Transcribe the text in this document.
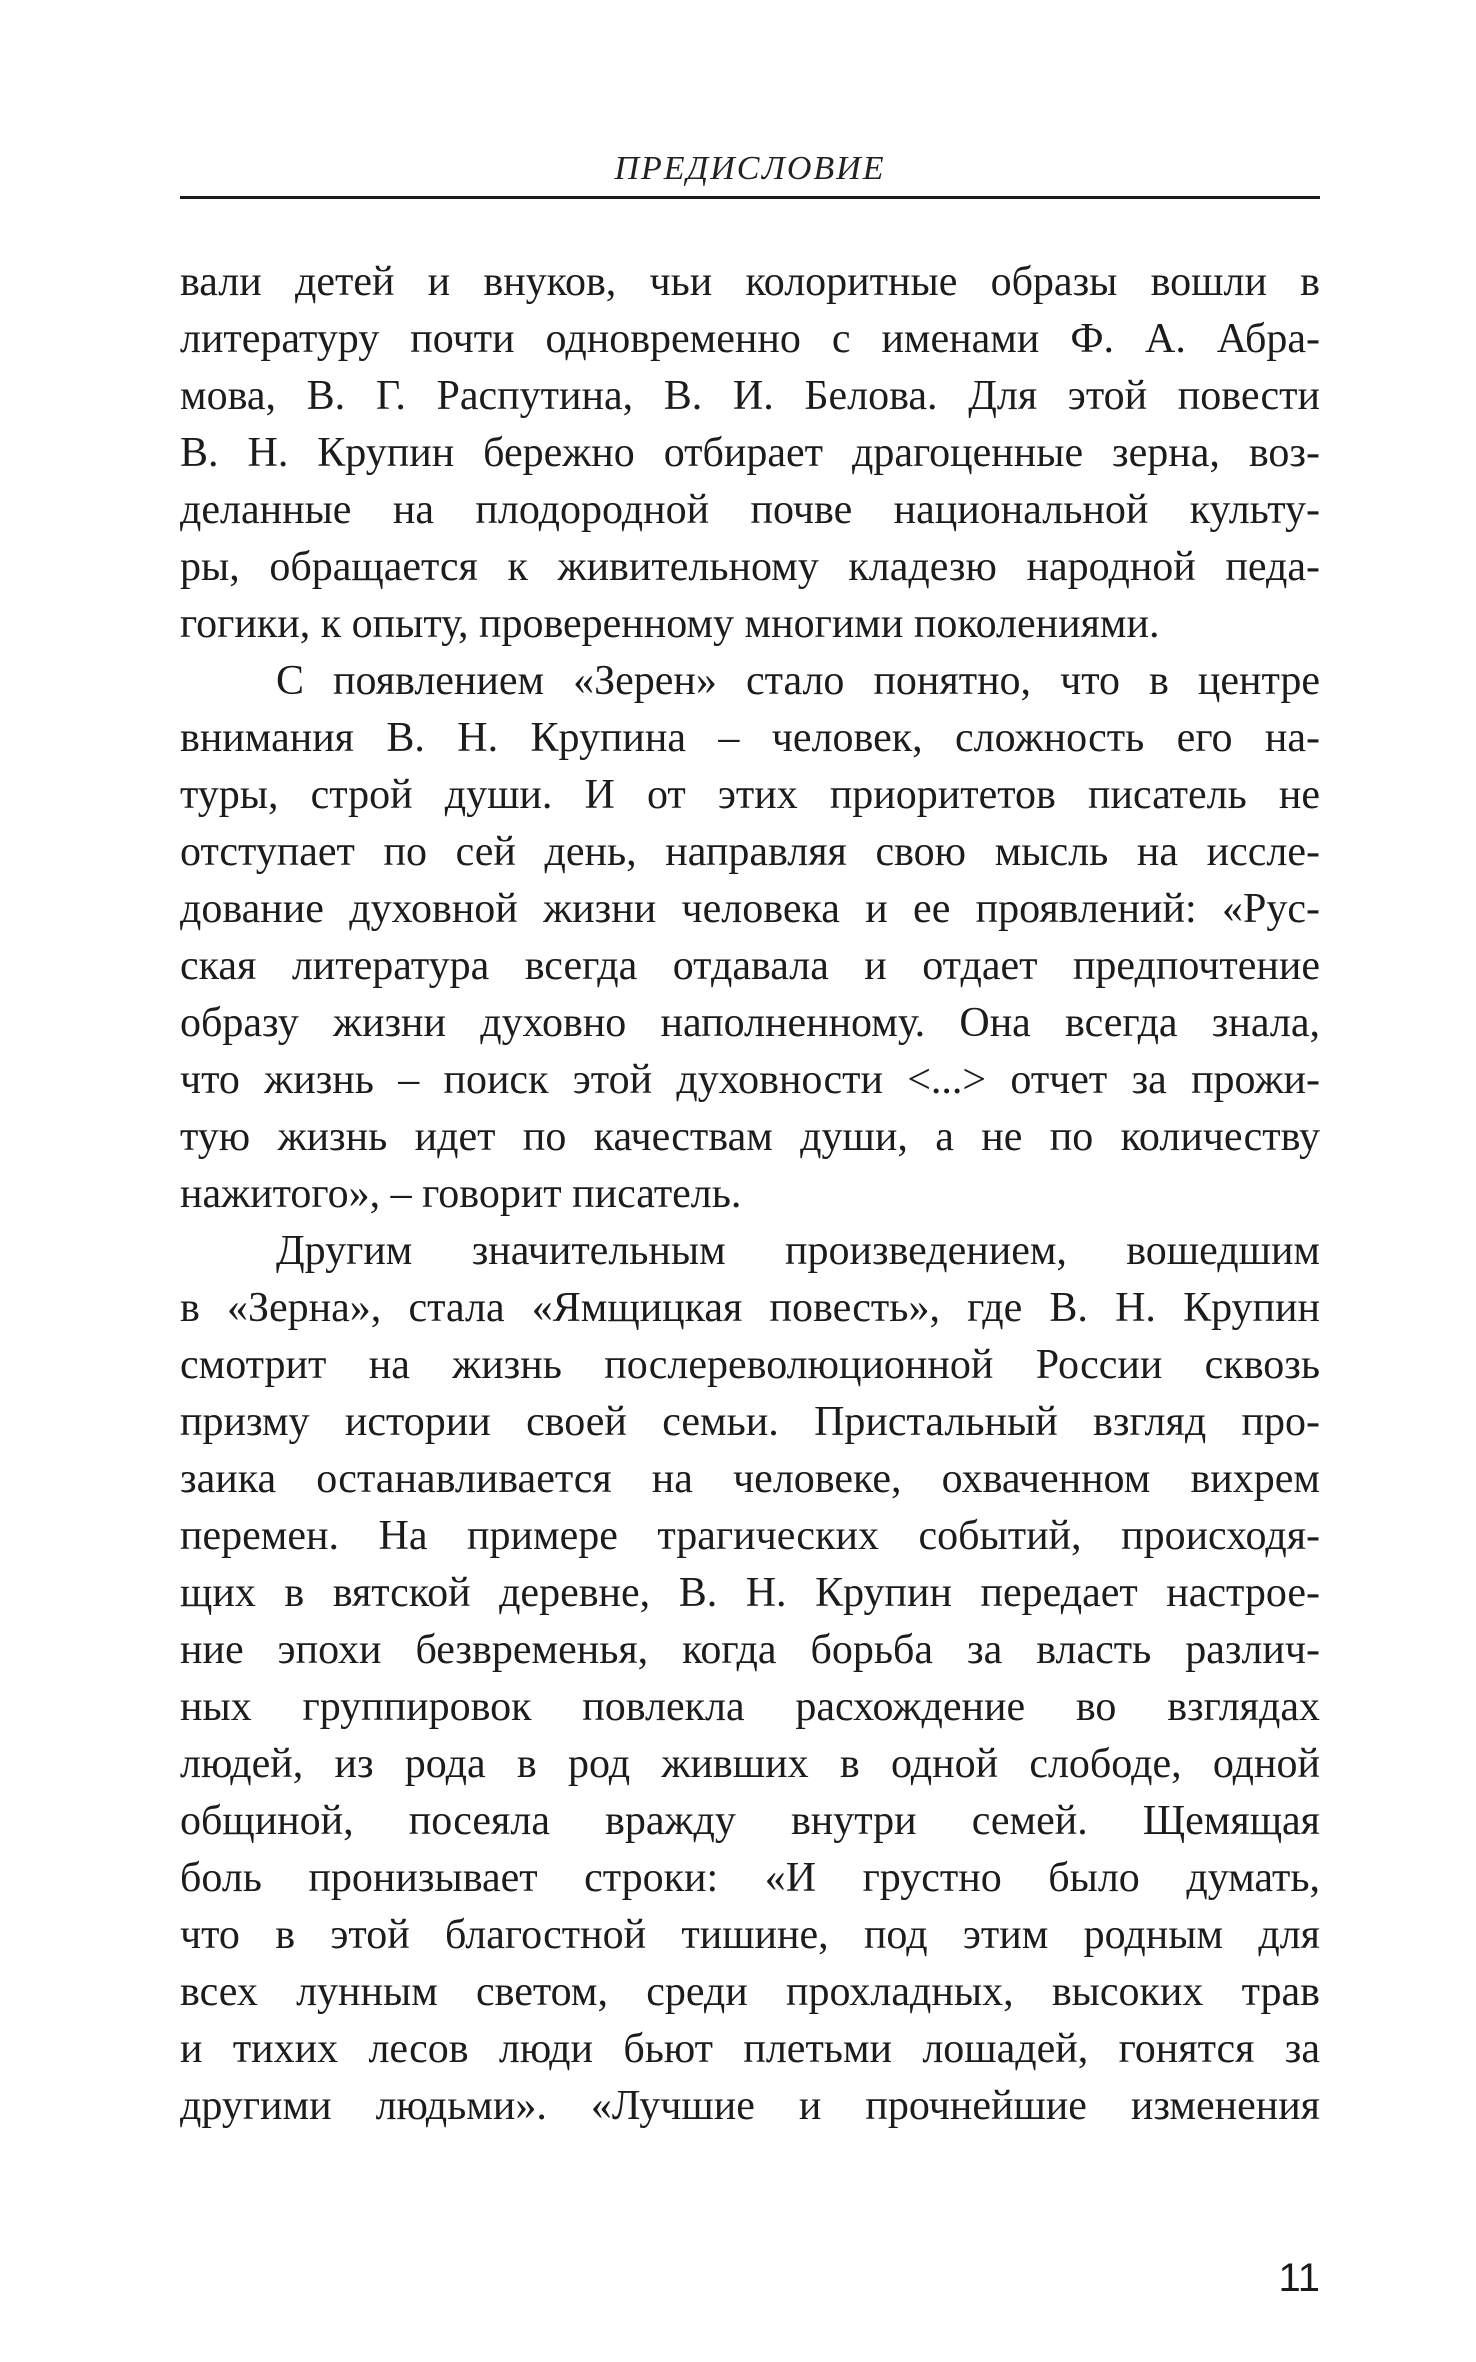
ПРЕДИСЛОВИЕ
вали детей и внуков, чьи колоритные образы вошли в
литературу почти одновременно с именами Ф. А. Абра-
мова, В. Г. Распутина, В. И. Белова. Для этой повести
В. Н. Крупин бережно отбирает драгоценные зерна, воз-
деланные на плодородной почве национальной культу-
ры, обращается к живительному кладезю народной педа-
гогики, к опыту, проверенному многими поколениями.
С появлением «Зерен» стало понятно, что в центре
внимания В. Н. Крупина – человек, сложность его на-
туры, строй души. И от этих приоритетов писатель не
отступает по сей день, направляя свою мысль на иссле-
дование духовной жизни человека и ее проявлений: «Рус-
ская литература всегда отдавала и отдает предпочтение
образу жизни духовно наполненному. Она всегда знала,
что жизнь – поиск этой духовности <...> отчет за прожи-
тую жизнь идет по качествам души, а не по количеству
нажитого», – говорит писатель.
Другим значительным произведением, вошедшим
в «Зерна», стала «Ямщицкая повесть», где В. Н. Крупин
смотрит на жизнь послереволюционной России сквозь
призму истории своей семьи. Пристальный взгляд про-
заика останавливается на человеке, охваченном вихрем
перемен. На примере трагических событий, происходя-
щих в вятской деревне, В. Н. Крупин передает настрое-
ние эпохи безвременья, когда борьба за власть различ-
ных группировок повлекла расхождение во взглядах
людей, из рода в род живших в одной слободе, одной
общиной, посеяла вражду внутри семей. Щемящая
боль пронизывает строки: «И грустно было думать,
что в этой благостной тишине, под этим родным для
всех лунным светом, среди прохладных, высоких трав
и тихих лесов люди бьют плетьми лошадей, гонятся за
другими людьми». «Лучшие и прочнейшие изменения
11
